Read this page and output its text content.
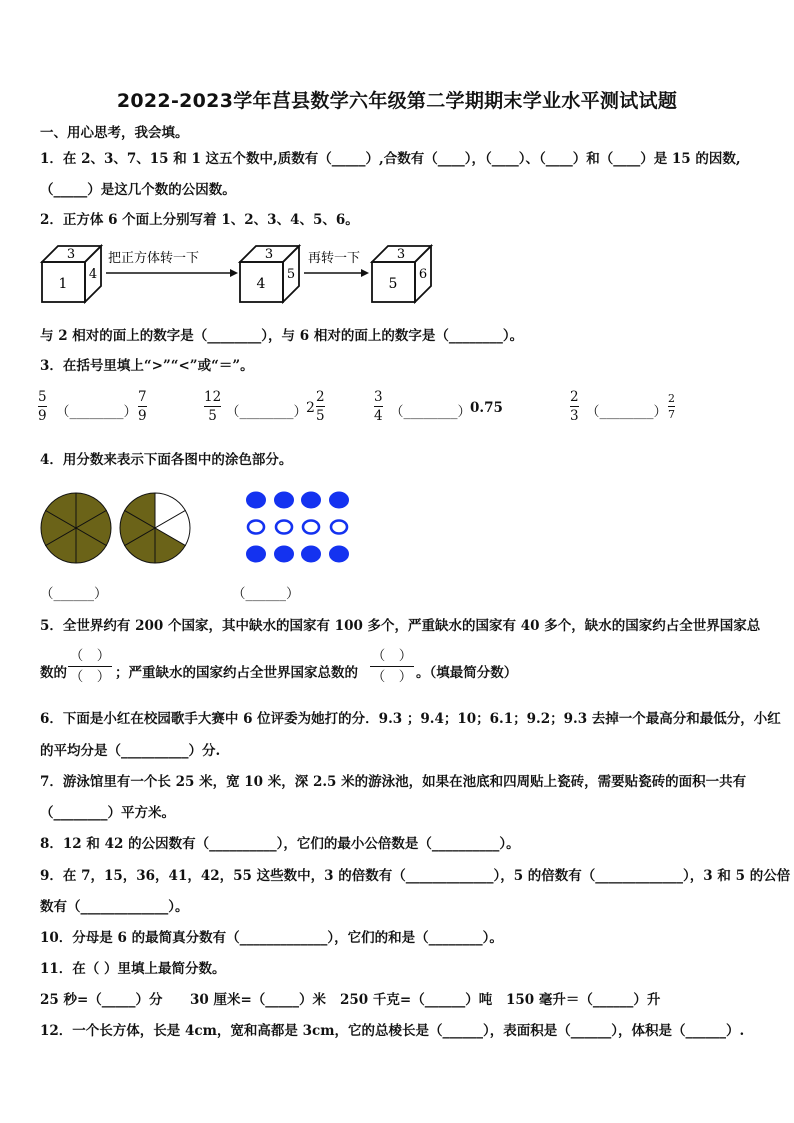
2022-2023学年莒县数学六年级第二学期期末学业水平测试试题
一、用心思考，我会填。
1．在 2、3、7、15 和 1 这五个数中,质数有（_____）,合数有（____），（____）、（____）和（____）是 15 的因数,
（_____）是这几个数的公因数。
2．正方体 6 个面上分别写着 1、2、3、4、5、6。
3
1
4
把正方体转一下	3
4
5
再转一下	3
5
6
与 2 相对的面上的数字是（________），与 6 相对的面上的数字是（________）。
3．在括号里填上“>”“<”或“＝”。
5
9 （________）
7
9
12
5 （________） 2
2
5
3
4 （________） 0.75
2
3 （________）
2
7
4．用分数来表示下面各图中的涂色部分。
（______）	（______）
5．全世界约有 200 个国家，其中缺水的国家有 100 多个，严重缺水的国家有 40 多个，缺水的国家约占全世界国家总
数的
（　）
（　） ；严重缺水的国家约占全世界国家总数的
（　）
（　） 。（填最简分数）
6．下面是小红在校园歌手大赛中 6 位评委为她打的分．9.3 ；9.4；10；6.1；9.2；9.3 去掉一个最高分和最低分，小红
的平均分是（__________）分.
7．游泳馆里有一个长 25 米，宽 10 米，深 2.5 米的游泳池，如果在池底和四周贴上瓷砖，需要贴瓷砖的面积一共有
（________）平方米。
8．12 和 42 的公因数有（__________），它们的最小公倍数是（__________）。
9．在 7，15，36，41，42，55 这些数中，3 的倍数有（_____________），5 的倍数有（_____________），3 和 5 的公倍
数有（_____________）。
10．分母是 6 的最简真分数有（_____________），它们的和是（________）。
11．在（ ）里填上最简分数。
25 秒=（_____）分 30 厘米=（_____）米 250 千克=（______）吨 150 毫升＝（______）升
12．一个长方体，长是 4cm，宽和高都是 3cm，它的总棱长是（______），表面积是（______），体积是（______）.
